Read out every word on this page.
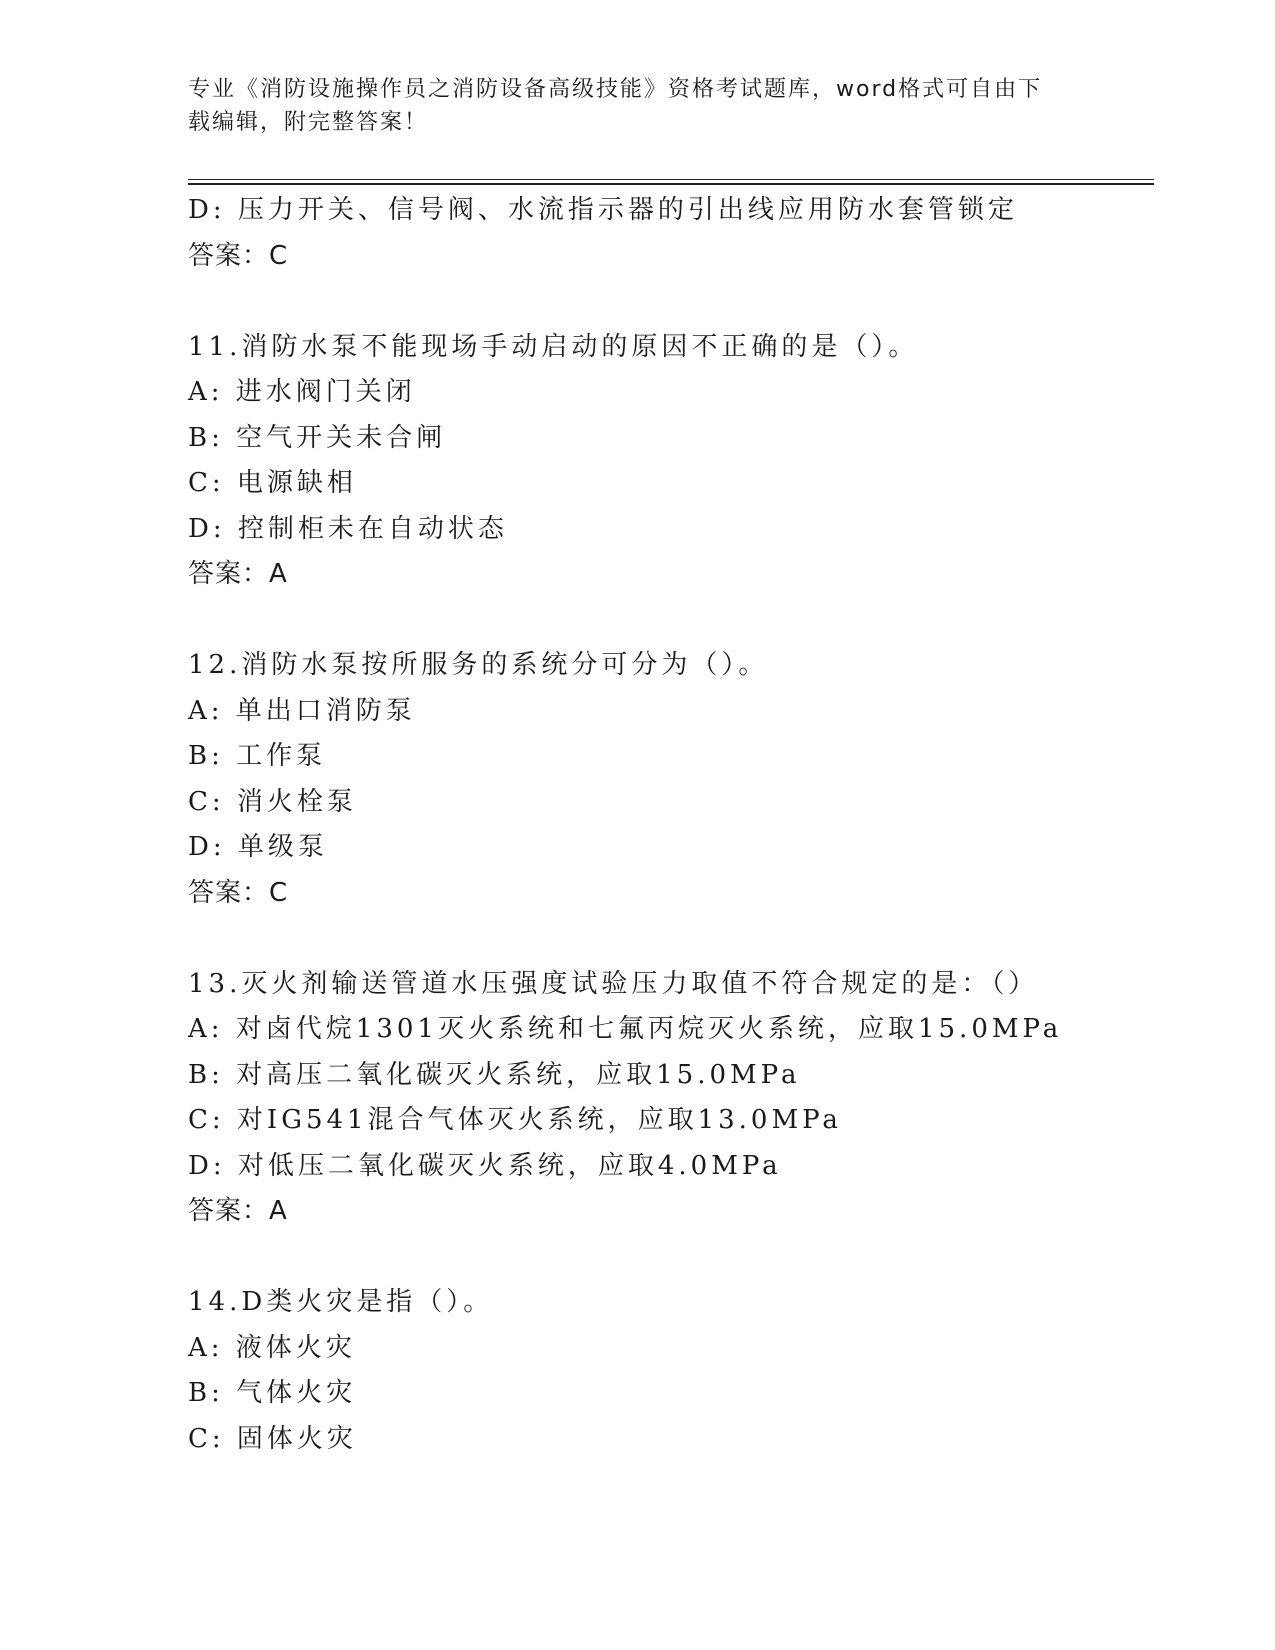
专业《消防设施操作员之消防设备高级技能》资格考试题库，word格式可自由下
载编辑，附完整答案！
D: 压力开关、信号阀、水流指示器的引出线应用防水套管锁定
答案：C
11.消防水泵不能现场手动启动的原因不正确的是（）。
A: 进水阀门关闭
B: 空气开关未合闸
C: 电源缺相
D: 控制柜未在自动状态
答案：A
12.消防水泵按所服务的系统分可分为（）。
A: 单出口消防泵
B: 工作泵
C: 消火栓泵
D: 单级泵
答案：C
13.灭火剂输送管道水压强度试验压力取值不符合规定的是：（）
A: 对卤代烷1301灭火系统和七氟丙烷灭火系统，应取15.0MPa
B: 对高压二氧化碳灭火系统，应取15.0MPa
C: 对IG541混合气体灭火系统，应取13.0MPa
D: 对低压二氧化碳灭火系统，应取4.0MPa
答案：A
14.D类火灾是指（）。
A: 液体火灾
B: 气体火灾
C: 固体火灾
